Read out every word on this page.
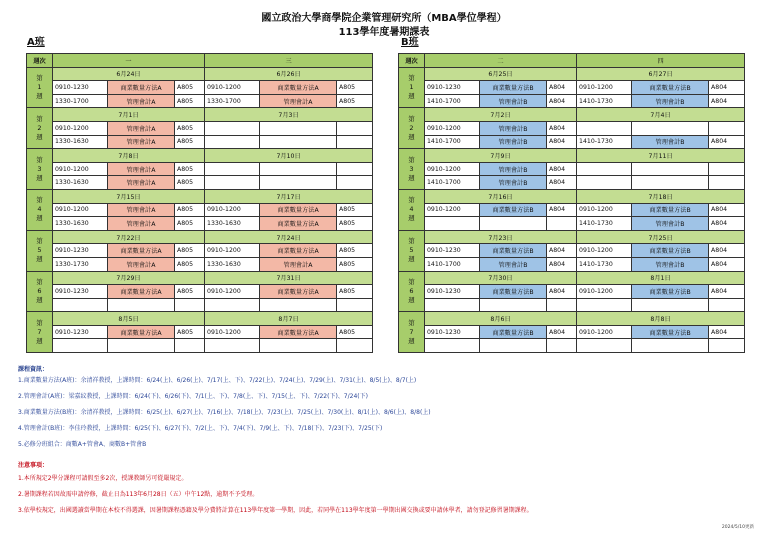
國立政治大學商學院企業管理研究所（MBA學位學程）
113學年度暑期課表
A班	B班
週次	一			三		
第
1
週	6月24日			6月26日		
	0910-1230	商業數量方法A	A805	0910-1200	商業數量方法A	A805
	1330-1700	管理會計A	A805	1330-1700	管理會計A	A805
第
2
週	7月1日			7月3日		
	0910-1200	管理會計A	A805			
	1330-1630	管理會計A	A805			
第
3
週	7月8日			7月10日		
	0910-1200	管理會計A	A805			
	1330-1630	管理會計A	A805			
第
4
週	7月15日			7月17日		
	0910-1200	管理會計A	A805	0910-1200	商業數量方法A	A805
	1330-1630	管理會計A	A805	1330-1630	商業數量方法A	A805
第
5
週	7月22日			7月24日		
	0910-1230	商業數量方法A	A805	0910-1200	商業數量方法A	A805
	1330-1730	管理會計A	A805	1330-1630	管理會計A	A805
第
6
週	7月29日			7月31日		
	0910-1230	商業數量方法A	A805	0910-1200	商業數量方法A	A805

第
7
週	8月5日			8月7日		
	0910-1230	商業數量方法A	A805	0910-1200	商業數量方法A	A805

週次	二			四		
第
1
週	6月25日			6月27日		
	0910-1230	商業數量方法B	A804	0910-1200	商業數量方法B	A804
	1410-1700	管理會計B	A804	1410-1730	管理會計B	A804
第
2
週	7月2日			7月4日		
	0910-1200	管理會計B	A804			
	1410-1700	管理會計B	A804	1410-1730	管理會計B	A804
第
3
週	7月9日			7月11日		
	0910-1200	管理會計B	A804			
	1410-1700	管理會計B	A804			
第
4
週	7月16日			7月18日		
	0910-1200	商業數量方法B	A804	0910-1200	商業數量方法B	A804
				1410-1730	管理會計B	A804
第
5
週	7月23日			7月25日		
	0910-1230	商業數量方法B	A804	0910-1200	商業數量方法B	A804
	1410-1700	管理會計B	A804	1410-1730	管理會計B	A804
第
6
週	7月30日			8月1日		
	0910-1230	商業數量方法B	A804	0910-1200	商業數量方法B	A804

第
7
週	8月6日			8月8日		
	0910-1230	商業數量方法B	A804	0910-1200	商業數量方法B	A804

課程資訊：
1.商業數量方法(A班)：余清祥教授，上課時間：6/24(上)、6/26(上)、7/17(上、下)、7/22(上)、7/24(上)、7/29(上)、7/31(上)、8/5(上)、8/7(上)
2.管理會計(A班)：梁嘉紋教授，上課時間：6/24(下)、6/26(下)、7/1(上、下)、7/8(上、下)、7/15(上、下)、7/22(下)、7/24(下)
3.商業數量方法(B班)：余清祥教授，上課時間：6/25(上)、6/27(上)、7/16(上)、7/18(上)、7/23(上)、7/25(上)、7/30(上)、8/1(上)、8/6(上)、8/8(上)
4.管理會計(B班)：李佳玲教授，上課時間：6/25(下)、6/27(下)、7/2(上、下)、7/4(下)、7/9(上、下)、7/18(下)、7/23(下)、7/25(下)
5.必修分班組合：商數A+管會A、商數B+管會B
注意事項：
1.本所規定2學分課程可請假至多2次，授課教師另可從嚴規定。
2.暑期課程若因故需申請停修，截止日為113年6月28日（五）中午12點，逾期不予受理。
3.依學校規定，出國選讀當學期在本校不得選課，因暑期課程憑籍及學分費將計算在113學年度第一學期，因此，若同學在113學年度第一學期出國交換或要申請休學者，請勿登記修習暑期課程。
2024/5/10更新
